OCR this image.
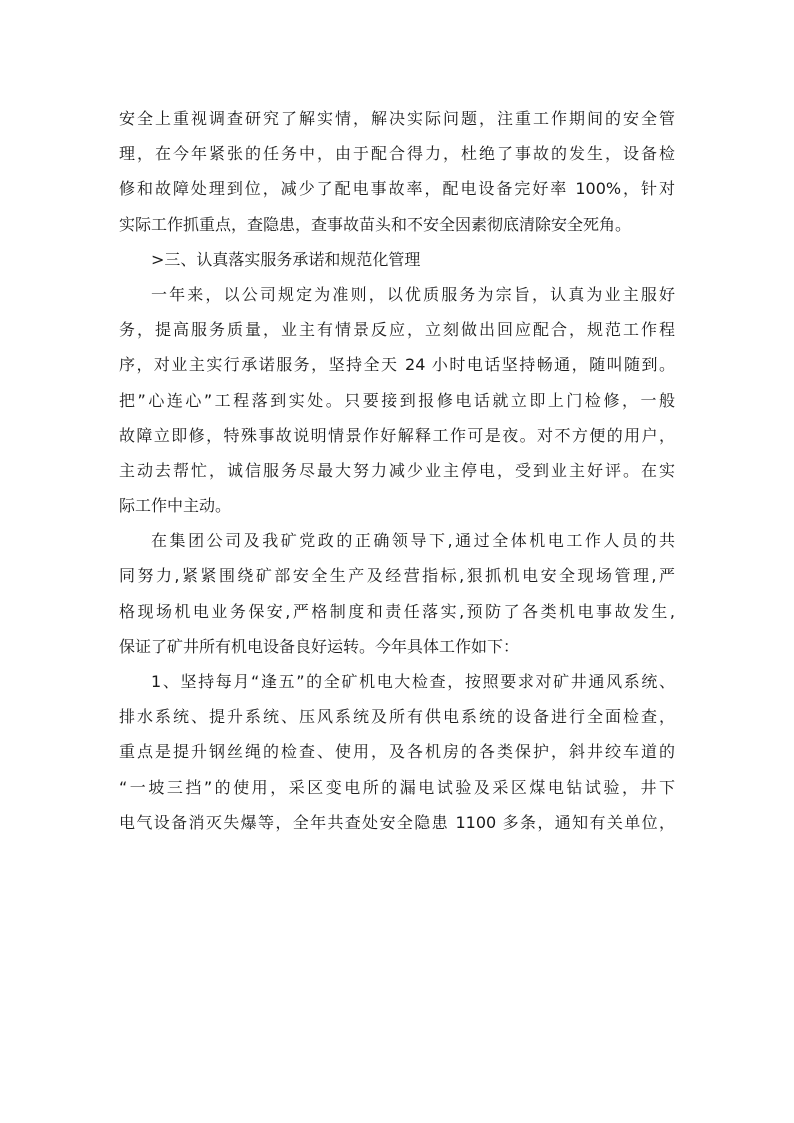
安全上重视调查研究了解实情，解决实际问题，注重工作期间的安全管
理，在今年紧张的任务中，由于配合得力，杜绝了事故的发生，设备检
修和故障处理到位，减少了配电事故率，配电设备完好率 100%，针对
实际工作抓重点，查隐患，查事故苗头和不安全因素彻底清除安全死角。
>三、认真落实服务承诺和规范化管理
一年来，以公司规定为准则，以优质服务为宗旨，认真为业主服好
务，提高服务质量，业主有情景反应，立刻做出回应配合，规范工作程
序，对业主实行承诺服务，坚持全天 24 小时电话坚持畅通，随叫随到。
把”心连心”工程落到实处。只要接到报修电话就立即上门检修，一般
故障立即修，特殊事故说明情景作好解释工作可是夜。对不方便的用户，
主动去帮忙，诚信服务尽最大努力减少业主停电，受到业主好评。在实
际工作中主动。
在集团公司及我矿党政的正确领导下,通过全体机电工作人员的共
同努力,紧紧围绕矿部安全生产及经营指标,狠抓机电安全现场管理,严
格现场机电业务保安,严格制度和责任落实,预防了各类机电事故发生,
保证了矿井所有机电设备良好运转。今年具体工作如下：
1、坚持每月“逢五”的全矿机电大检查，按照要求对矿井通风系统、
排水系统、提升系统、压风系统及所有供电系统的设备进行全面检查，
重点是提升钢丝绳的检查、使用，及各机房的各类保护，斜井绞车道的
“一坡三挡”的使用，采区变电所的漏电试验及采区煤电钻试验，井下
电气设备消灭失爆等，全年共查处安全隐患 1100 多条，通知有关单位，
